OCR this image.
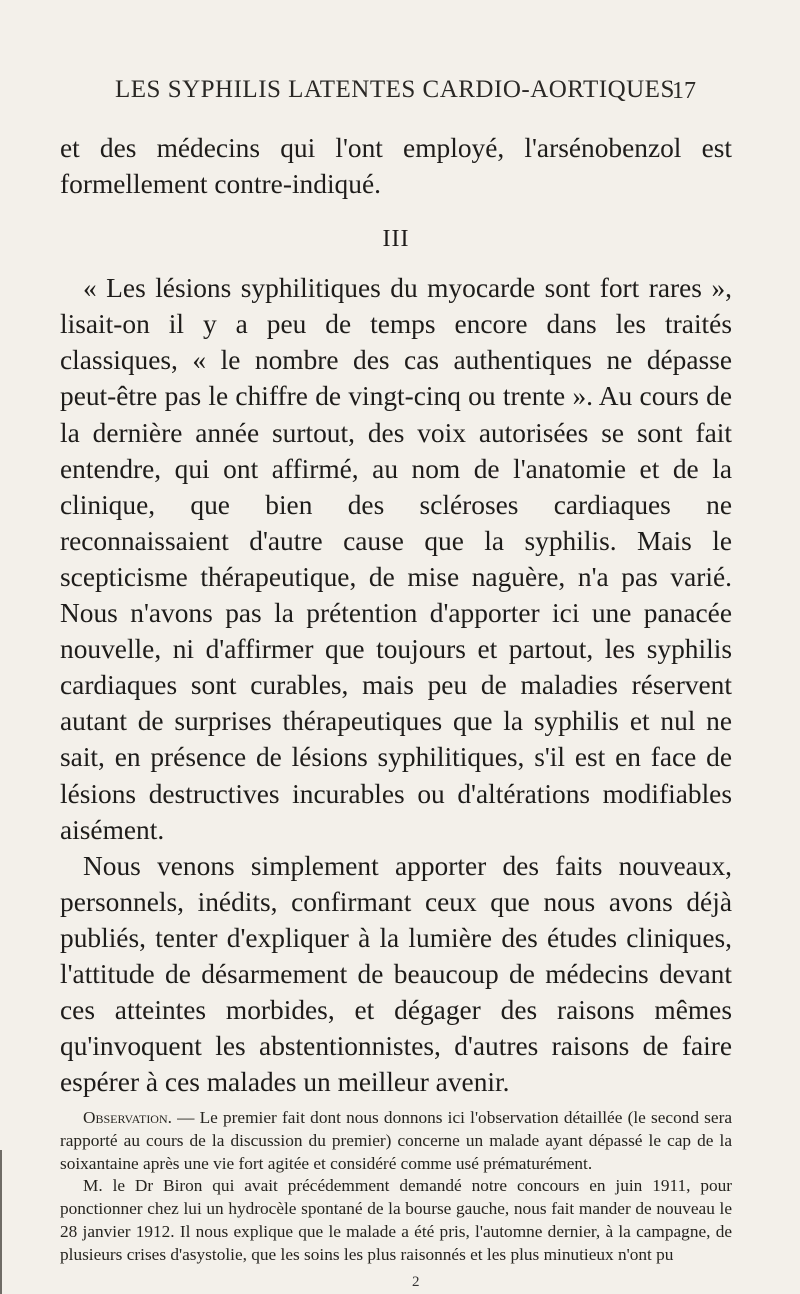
LES SYPHILIS LATENTES CARDIO-AORTIQUES
17

et des médecins qui l'ont employé, l'arsénobenzol est formellement contre-indiqué.

III

« Les lésions syphilitiques du myocarde sont fort rares », lisait-on il y a peu de temps encore dans les traités classiques, « le nombre des cas authentiques ne dépasse peut-être pas le chiffre de vingt-cinq ou trente ». Au cours de la dernière année surtout, des voix autorisées se sont fait entendre, qui ont affirmé, au nom de l'anatomie et de la clinique, que bien des scléroses cardiaques ne reconnaissaient d'autre cause que la syphilis. Mais le scepticisme thérapeutique, de mise naguère, n'a pas varié. Nous n'avons pas la prétention d'apporter ici une panacée nouvelle, ni d'affirmer que toujours et partout, les syphilis cardiaques sont curables, mais peu de maladies réservent autant de surprises thérapeutiques que la syphilis et nul ne sait, en présence de lésions syphilitiques, s'il est en face de lésions destructives incurables ou d'altérations modifiables aisément.

Nous venons simplement apporter des faits nouveaux, personnels, inédits, confirmant ceux que nous avons déjà publiés, tenter d'expliquer à la lumière des études cliniques, l'attitude de désarmement de beaucoup de médecins devant ces atteintes morbides, et dégager des raisons mêmes qu'invoquent les abstentionnistes, d'autres raisons de faire espérer à ces malades un meilleur avenir.

Observation. — Le premier fait dont nous donnons ici l'observation détaillée (le second sera rapporté au cours de la discussion du premier) concerne un malade ayant dépassé le cap de la soixantaine après une vie fort agitée et considéré comme usé prématurément.

M. le Dr Biron qui avait précédemment demandé notre concours en juin 1911, pour ponctionner chez lui un hydrocèle spontané de la bourse gauche, nous fait mander de nouveau le 28 janvier 1912. Il nous explique que le malade a été pris, l'automne dernier, à la campagne, de plusieurs crises d'asystolie, que les soins les plus raisonnés et les plus minutieux n'ont pu

2
